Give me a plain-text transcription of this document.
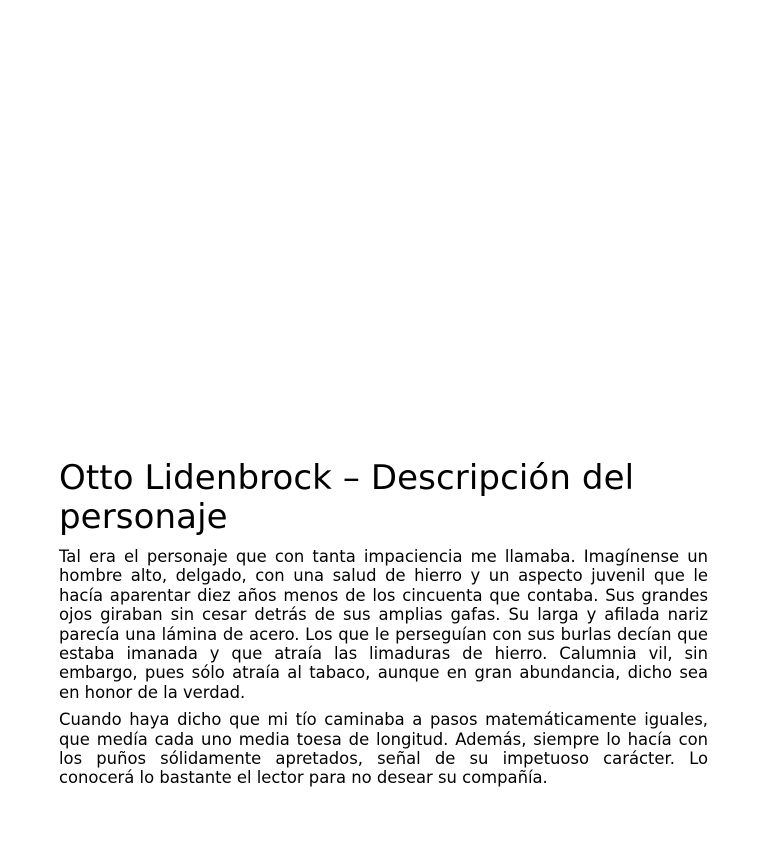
Otto Lidenbrock – Descripción del personaje

Tal era el personaje que con tanta impaciencia me llamaba. Imagínense un hombre alto, delgado, con una salud de hierro y un aspecto juvenil que le hacía aparentar diez años menos de los cincuenta que contaba. Sus grandes ojos giraban sin cesar detrás de sus amplias gafas. Su larga y afilada nariz parecía una lámina de acero. Los que le perseguían con sus burlas decían que estaba imanada y que atraía las limaduras de hierro. Calumnia vil, sin embargo, pues sólo atraía al tabaco, aunque en gran abundancia, dicho sea en honor de la verdad.

Cuando haya dicho que mi tío caminaba a pasos matemáticamente iguales, que medía cada uno media toesa de longitud. Además, siempre lo hacía con los puños sólidamente apretados, señal de su impetuoso carácter. Lo conocerá lo bastante el lector para no desear su compañía.
